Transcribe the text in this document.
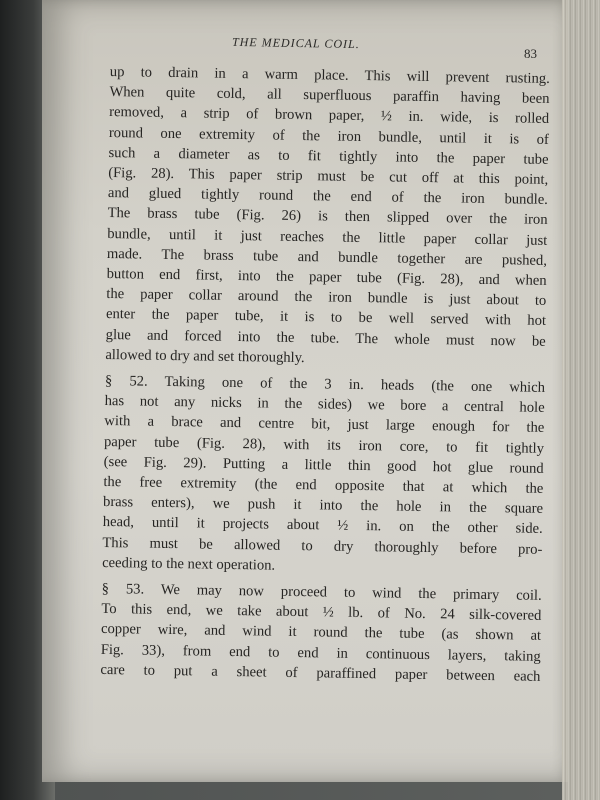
THE MEDICAL COIL.
83
up to drain in a warm place. This will prevent rusting.
When quite cold, all superfluous paraffin having been
removed, a strip of brown paper, ½ in. wide, is rolled
round one extremity of the iron bundle, until it is of
such a diameter as to fit tightly into the paper tube
(Fig. 28). This paper strip must be cut off at this point,
and glued tightly round the end of the iron bundle.
The brass tube (Fig. 26) is then slipped over the iron
bundle, until it just reaches the little paper collar just
made. The brass tube and bundle together are pushed,
button end first, into the paper tube (Fig. 28), and when
the paper collar around the iron bundle is just about to
enter the paper tube, it is to be well served with hot
glue and forced into the tube. The whole must now be
allowed to dry and set thoroughly.
§ 52. Taking one of the 3 in. heads (the one which
has not any nicks in the sides) we bore a central hole
with a brace and centre bit, just large enough for the
paper tube (Fig. 28), with its iron core, to fit tightly
(see Fig. 29). Putting a little thin good hot glue round
the free extremity (the end opposite that at which the
brass enters), we push it into the hole in the square
head, until it projects about ½ in. on the other side.
This must be allowed to dry thoroughly before pro-
ceeding to the next operation.
§ 53. We may now proceed to wind the primary coil.
To this end, we take about ½ lb. of No. 24 silk-covered
copper wire, and wind it round the tube (as shown at
Fig. 33), from end to end in continuous layers, taking
care to put a sheet of paraffined paper between each
